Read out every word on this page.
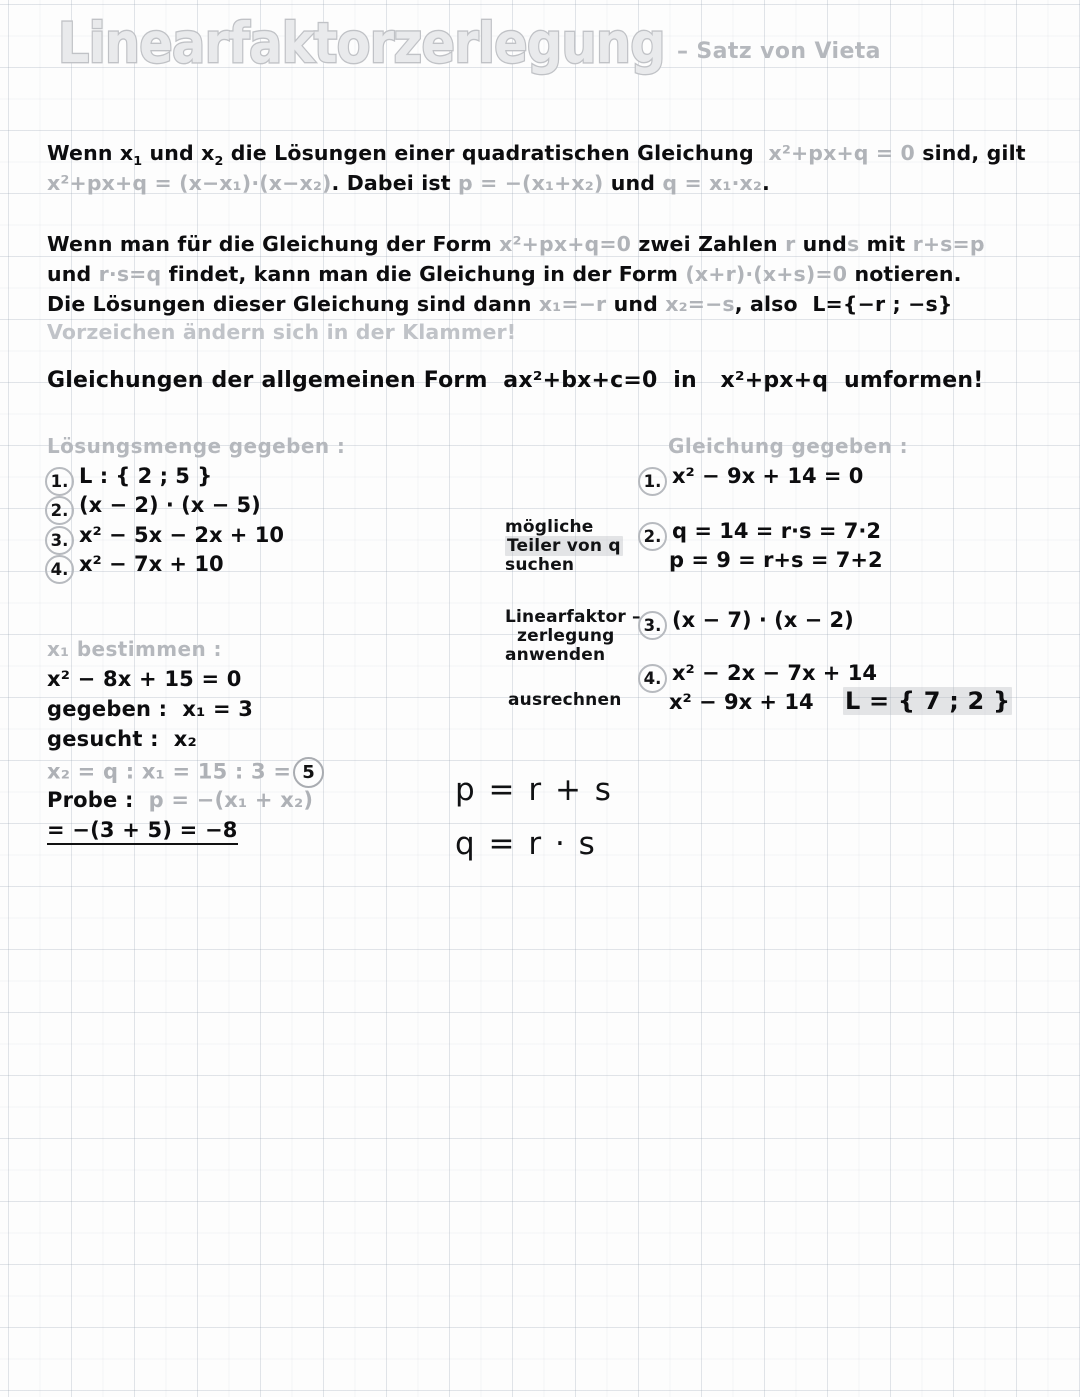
Linearfaktorzerlegung – Satz von Vieta
Wenn $x_1$ und $x_2$ die Lösungen einer quadratischen Gleichung x²+px+q = 0 sind, gilt
x²+px+q = (x−x₁)·(x−x₂). Dabei ist p = −(x₁+x₂) und q = x₁·x₂.
Wenn man für die Gleichung der Form x²+px+q=0 zwei Zahlen r unds mit r+s=p
und r·s=q findet, kann man die Gleichung in der Form (x+r)·(x+s)=0 notieren.
Die Lösungen dieser Gleichung sind dann x₁=−r und x₂=−s, also L={−r ; −s}
Vorzeichen ändern sich in der Klammer!
Gleichungen der allgemeinen Form ax²+bx+c=0 in x²+px+q umformen!
Lösungsmenge gegeben :
1. L : { 2 ; 5 }
2. (x − 2) · (x − 5)
3. x² − 5x − 2x + 10
4. x² − 7x + 10
Gleichung gegeben :
1. x² − 9x + 14 = 0
2. q = 14 = r·s = 7·2
p = 9 = r+s = 7+2
3. (x − 7) · (x − 2)
4. x² − 2x − 7x + 14
x² − 9x + 14 L = { 7 ; 2 }
mögliche
Teiler von q
suchen
Linearfaktor –
zerlegung
anwenden
ausrechnen
x₁ bestimmen :
x² − 8x + 15 = 0
gegeben : x₁ = 3
gesucht : x₂
x₂ = q : x₁ = 15 : 3 = 5
Probe : p = −(x₁ + x₂)
= −(3 + 5) = −8
p = r + s
q = r · s
